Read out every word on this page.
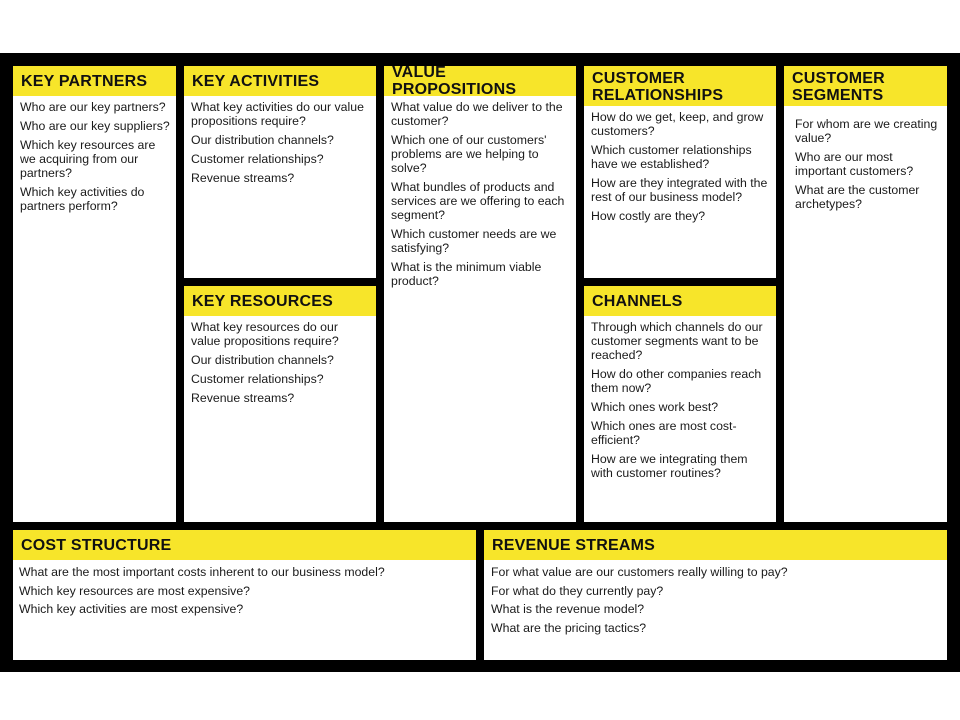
KEY PARTNERS
Who are our key partners?
Who are our key suppliers?
Which key resources are we acquiring from our partners?
Which key activities do partners perform?
KEY ACTIVITIES
What key activities do our value propositions require?
Our distribution channels?
Customer relationships?
Revenue streams?
KEY RESOURCES
What key resources do our value propositions require?
Our distribution channels?
Customer relationships?
Revenue streams?
VALUE PROPOSITIONS
What value do we deliver to the customer?
Which one of our customers' problems are we helping to solve?
What bundles of products and services are we offering to each segment?
Which customer needs are we satisfying?
What is the minimum viable product?
CUSTOMER
RELATIONSHIPS
How do we get, keep, and grow customers?
Which customer relationships have we established?
How are they integrated with the rest of our business model?
How costly are they?
CHANNELS
Through which channels do our customer segments want to be reached?
How do other companies reach them now?
Which ones work best?
Which ones are most cost-efficient?
How are we integrating them with customer routines?
CUSTOMER
SEGMENTS
For whom are we creating value?
Who are our most important customers?
What are the customer archetypes?
COST STRUCTURE
What are the most important costs inherent to our business model?
Which key resources are most expensive?
Which key activities are most expensive?
REVENUE STREAMS
For what value are our customers really willing to pay?
For what do they currently pay?
What is the revenue model?
What are the pricing tactics?
